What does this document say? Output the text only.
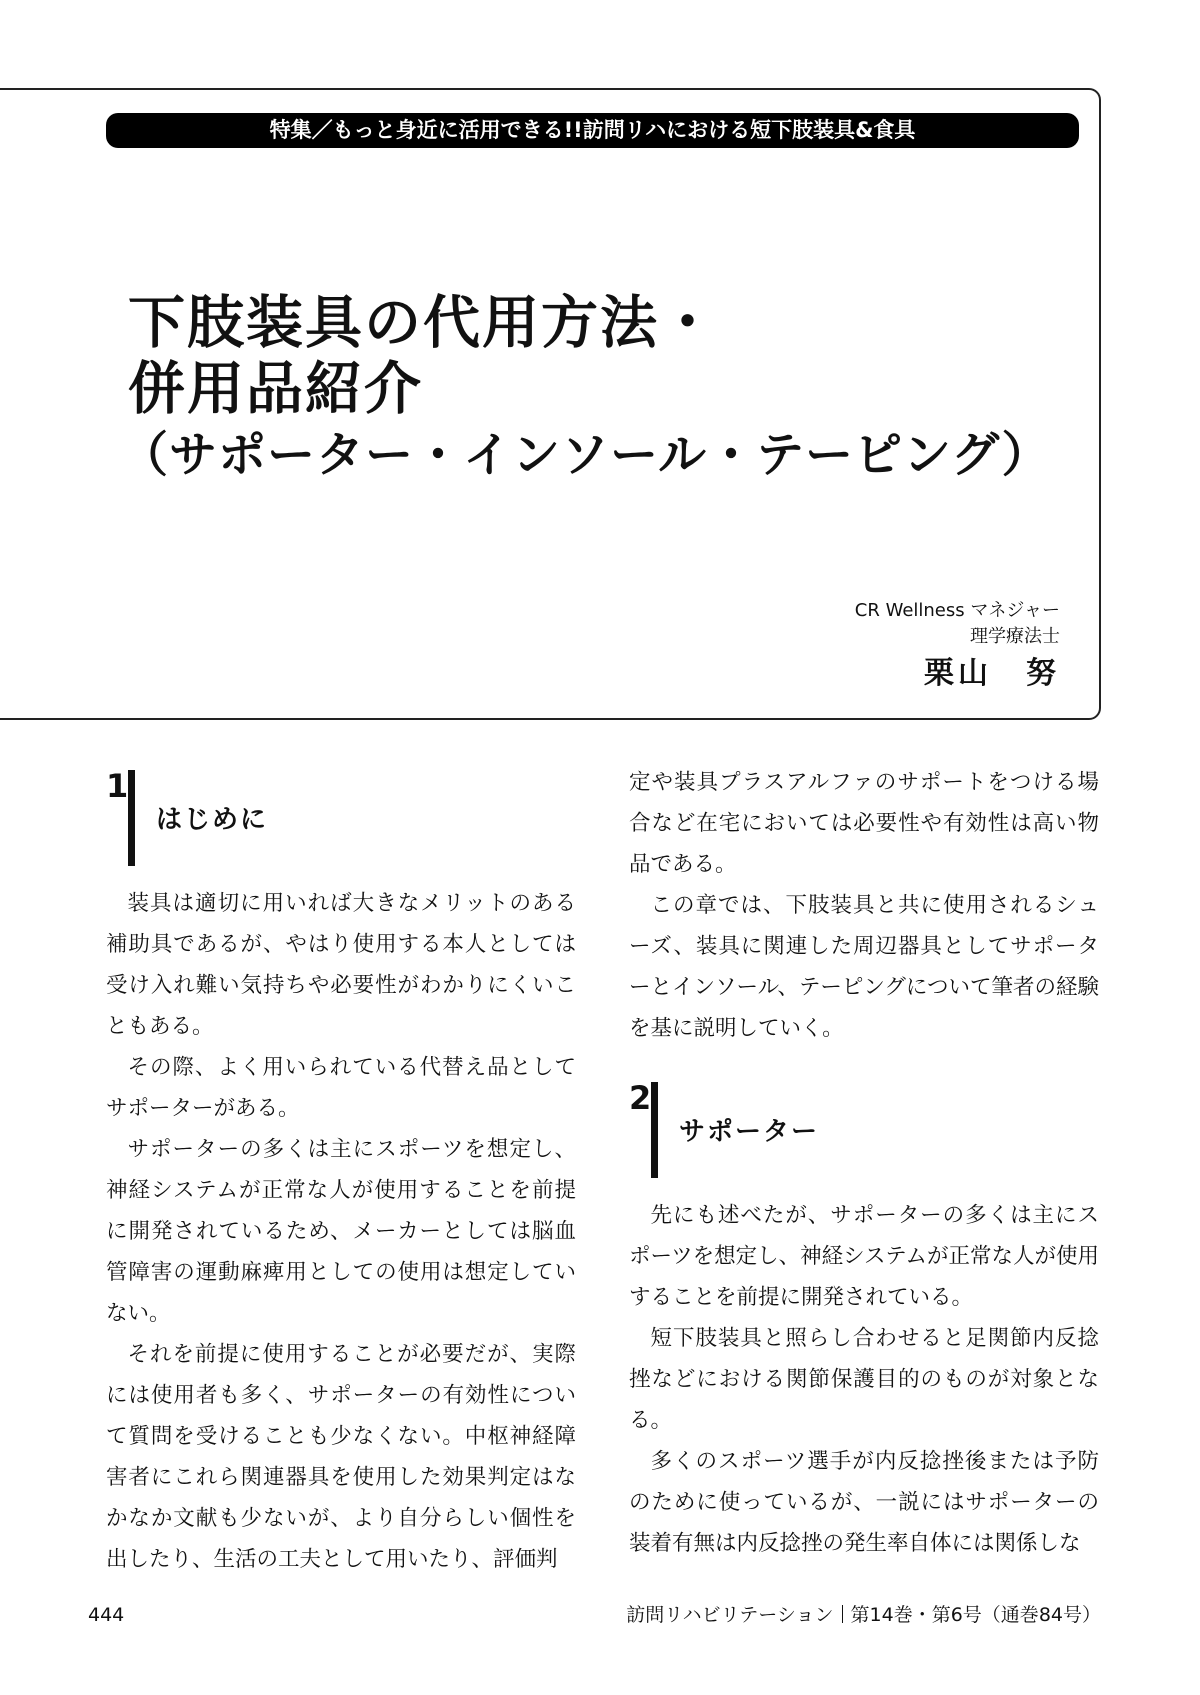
特集／もっと身近に活用できる!!訪問リハにおける短下肢装具&食具
下肢装具の代用方法・
併用品紹介
（サポーター・インソール・テーピング）
CR Wellness マネジャー
理学療法士
栗山　努
1
はじめに

装具は適切に用いれば大きなメリットのある補助具であるが、やはり使用する本人としては受け入れ難い気持ちや必要性がわかりにくいこともある。

その際、よく用いられている代替え品としてサポーターがある。

サポーターの多くは主にスポーツを想定し、神経システムが正常な人が使用することを前提に開発されているため、メーカーとしては脳血管障害の運動麻痺用としての使用は想定していない。

それを前提に使用することが必要だが、実際には使用者も多く、サポーターの有効性について質問を受けることも少なくない。中枢神経障害者にこれら関連器具を使用した効果判定はなかなか文献も少ないが、より自分らしい個性を出したり、生活の工夫として用いたり、評価判

定や装具プラスアルファのサポートをつける場合など在宅においては必要性や有効性は高い物品である。

この章では、下肢装具と共に使用されるシューズ、装具に関連した周辺器具としてサポーターとインソール、テーピングについて筆者の経験を基に説明していく。

2
サポーター

先にも述べたが、サポーターの多くは主にスポーツを想定し、神経システムが正常な人が使用することを前提に開発されている。

短下肢装具と照らし合わせると足関節内反捻挫などにおける関節保護目的のものが対象となる。

多くのスポーツ選手が内反捻挫後または予防のために使っているが、一説にはサポーターの装着有無は内反捻挫の発生率自体には関係しな

444	訪問リハビリテーション 第14巻・第6号（通巻84号）
